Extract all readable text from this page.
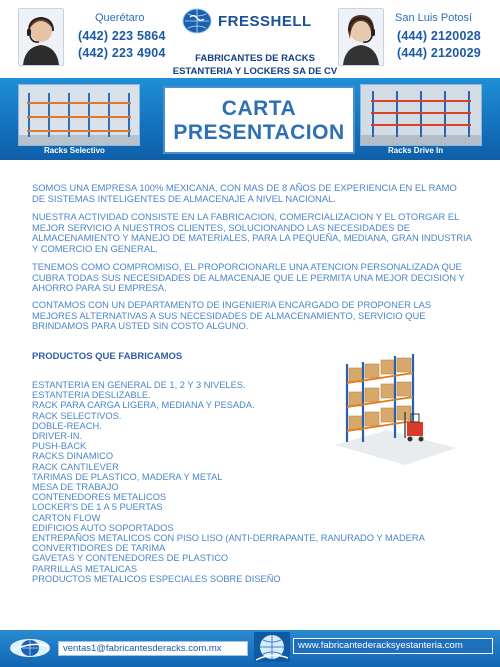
Querétaro
(442) 223 5864
(442) 223 4904
FRESSHELL
FABRICANTES DE RACKS
ESTANTERIA Y LOCKERS SA DE CV
San Luis Potosí
(444) 2120028
(444) 2120029
Racks Selectivo
CARTA
PRESENTACION
Racks Drive In
SOMOS UNA EMPRESA 100% MEXICANA, CON MAS DE 8 AÑOS DE EXPERIENCIA EN EL RAMO DE SISTEMAS INTELIGENTES DE ALMACENAJE A NIVEL NACIONAL.
NUESTRA ACTIVIDAD CONSISTE EN LA FABRICACION, COMERCIALIZACION Y EL OTORGAR EL MEJOR SERVICIO A NUESTROS CLIENTES, SOLUCIONANDO LAS NECESIDADES DE ALMACENAMIENTO Y MANEJO DE MATERIALES, PARA LA PEQUEÑA, MEDIANA, GRAN INDUSTRIA Y COMERCIO EN GENERAL.
TENEMOS COMO COMPROMISO, EL PROPORCIONARLE UNA ATENCION PERSONALIZADA QUE CUBRA TODAS SUS NECESIDADES DE ALMACENAJE QUE LE PERMITA UNA MEJOR DECISION Y AHORRO PARA SU EMPRESA.
CONTAMOS CON UN DEPARTAMENTO DE INGENIERIA ENCARGADO DE PROPONER LAS MEJORES ALTERNATIVAS A SUS NECESIDADES DE ALMACENAMIENTO, SERVICIO QUE BRINDAMOS PARA USTED SIN COSTO ALGUNO.
PRODUCTOS QUE FABRICAMOS
ESTANTERIA EN GENERAL DE 1, 2 Y 3 NIVELES.
ESTANTERIA DESLIZABLE.
RACK PARA CARGA LIGERA, MEDIANA Y PESADA.
RACK SELECTIVOS.
DOBLE-REACH.
DRIVER-IN.
PUSH-BACK
RACKS DINAMICO
RACK CANTILEVER
TARIMAS DE PLASTICO, MADERA Y METAL
MESA DE TRABAJO
CONTENEDORES METALICOS
LOCKER'S DE 1 A 5 PUERTAS
CARTON FLOW
EDIFICIOS AUTO SOPORTADOS
ENTREPAÑOS METALICOS CON PISO LISO (ANTI-DERRAPANTE, RANURADO Y MADERA
CONVERTIDORES DE TARIMA
GAVETAS Y CONTENEDORES DE PLASTICO
PARRILLAS METALICAS
PRODUCTOS METALICOS ESPECIALES SOBRE DISEÑO
ventas1@fabricantesderacks.com.mx	www.fabricantederacksyestanteria.com
